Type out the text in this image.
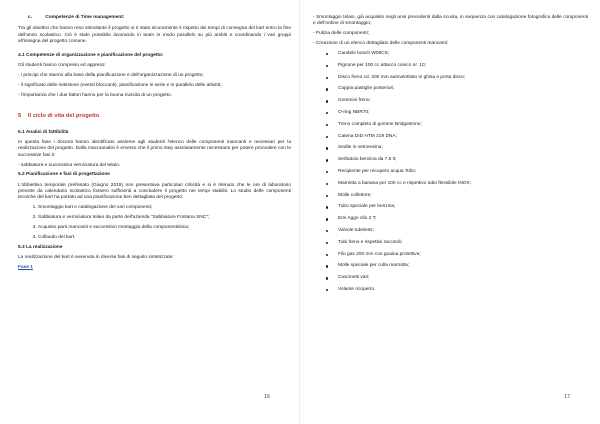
c.	Competenze di Time management:

Tra gli obiettivi che hanno reso stimolante il progetto vi è stato sicuramente il rispetto dei tempi di consegna del kart entro la fine dell'anno scolastico. Ciò è stato possibile lavorando in team in modo parallelo su più ambiti e coordinando i vari gruppi all'insegna del progetto comune.

4.1 Competenze di organizzazione e pianificazione del progetto:

Gli studenti hanno compreso ed appreso:

- i principi che stanno alla base della pianificazione e dell'organizzazione di un progetto;

- il significato delle milestone (eventi bloccanti), pianificazione in serie e in parallelo delle attività;

- l'importanza che i due fattori hanno per la buona riuscita di un progetto.

5 Il ciclo di vita del progetto

5.1 Analisi di fattibilità

In questa fase i docenti hanno identificato assieme agli studenti l'elenco delle componenti mancanti e necessari per la realizzazione del progetto. Dalla macroanalisi è emerso che il primo step assolutamente necessario per potere procedere con le successive fasi è:

- sabbiatura e successiva verniciatura del telaio.

5.2 Pianificazione e fasi di progettazione

L'obbiettivo temporale prefissato (Giugno 2019) non presentava particolari criticità e si è ritenuto che le ore di laboratorio previste da calendario scolastico fossero sufficienti a concludere il progetto nei tempi stabiliti. Lo studio delle componenti tecniche del kart ha portato ad una pianificazione ben dettagliata del progetto:

1. Smontaggio kart e catalogazione dei vari componenti;
2. Sabbiatura e verniciatura telaio da parte dell'azienda "Sabbiature Fontana SNC";
3. Acquisto parti mancanti e successivo montaggio della componentistica;
4. Collaudo del kart.

5.3 La realizzazione

La realizzazione del kart è avvenuta in diverse fasi di seguito sintetizzate:

Fase 1

16

- Smontaggio telaio, già acquisito negli anni precedenti dalla scuola, in sequenza con catalogazione fotografica delle componenti e dell'ordine di smontaggio;

- Pulizia delle componenti;

- Creazione di un elenco dettagliato delle componenti mancanti:

Candele bosch W08CS;
Pignone per 100 cc attacco conico nr. 10;
Disco freno cd. 200 mm autoventilato in ghisa e porta disco;
Coppia pastiglie posteriori;
Gommini freno;
O-ring NBR70;
Treno completo di gomme Bridgestone;
Catena DID HTM 219 DNA;
Sedile in vetroresina;
Serbatoio benzina da 7.5 lt;
Recipiente per recupero acqua Tolio;
Marmitta a banana per 100 cc e rispettivo tubo flessibile INOX;
Molle collettore;
Tubo speciale per benzina;
Emi Aggo olio 2 T;
Valvole tubeless;
Tubi freno e rispettivi raccordi;
Filo gas 200 mm con guaina protettiva;
Molle speciale per culla marmitta;
Cuscinetti vari;
Volante ricoperto.
17
